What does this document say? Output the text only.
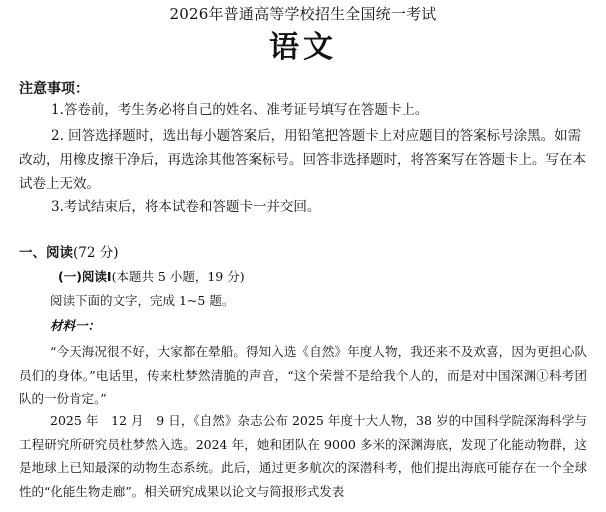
2026年普通高等学校招生全国统一考试
语文
注意事项：

1.答卷前，考生务必将自己的姓名、准考证号填写在答题卡上。

2. 回答选择题时，选出每小题答案后，用铅笔把答题卡上对应题目的答案标号涂黑。如需改动，用橡皮擦干净后，再选涂其他答案标号。回答非选择题时，将答案写在答题卡上。写在本试卷上无效。

3.考试结束后，将本试卷和答题卡一并交回。

一、阅读(72 分)
(一)阅读Ⅰ(本题共 5 小题，19 分)
阅读下面的文字，完成 1~5 题。
材料一：

“今天海况很不好，大家都在晕船。得知入选《自然》年度人物，我还来不及欢喜，因为更担心队员们的身体。”电话里，传来杜梦然清脆的声音，“这个荣誉不是给我个人的，而是对中国深渊①科考团队的一份肯定。”

2025 年　12 月　9 日，《自然》杂志公布 2025 年度十大人物，38 岁的中国科学院深海科学与工程研究所研究员杜梦然入选。2024 年，她和团队在 9000 多米的深渊海底，发现了化能动物群，这是地球上已知最深的动物生态系统。此后，通过更多航次的深潜科考，他们提出海底可能存在一个全球性的“化能生物走廊”。相关研究成果以论文与简报形式发表
